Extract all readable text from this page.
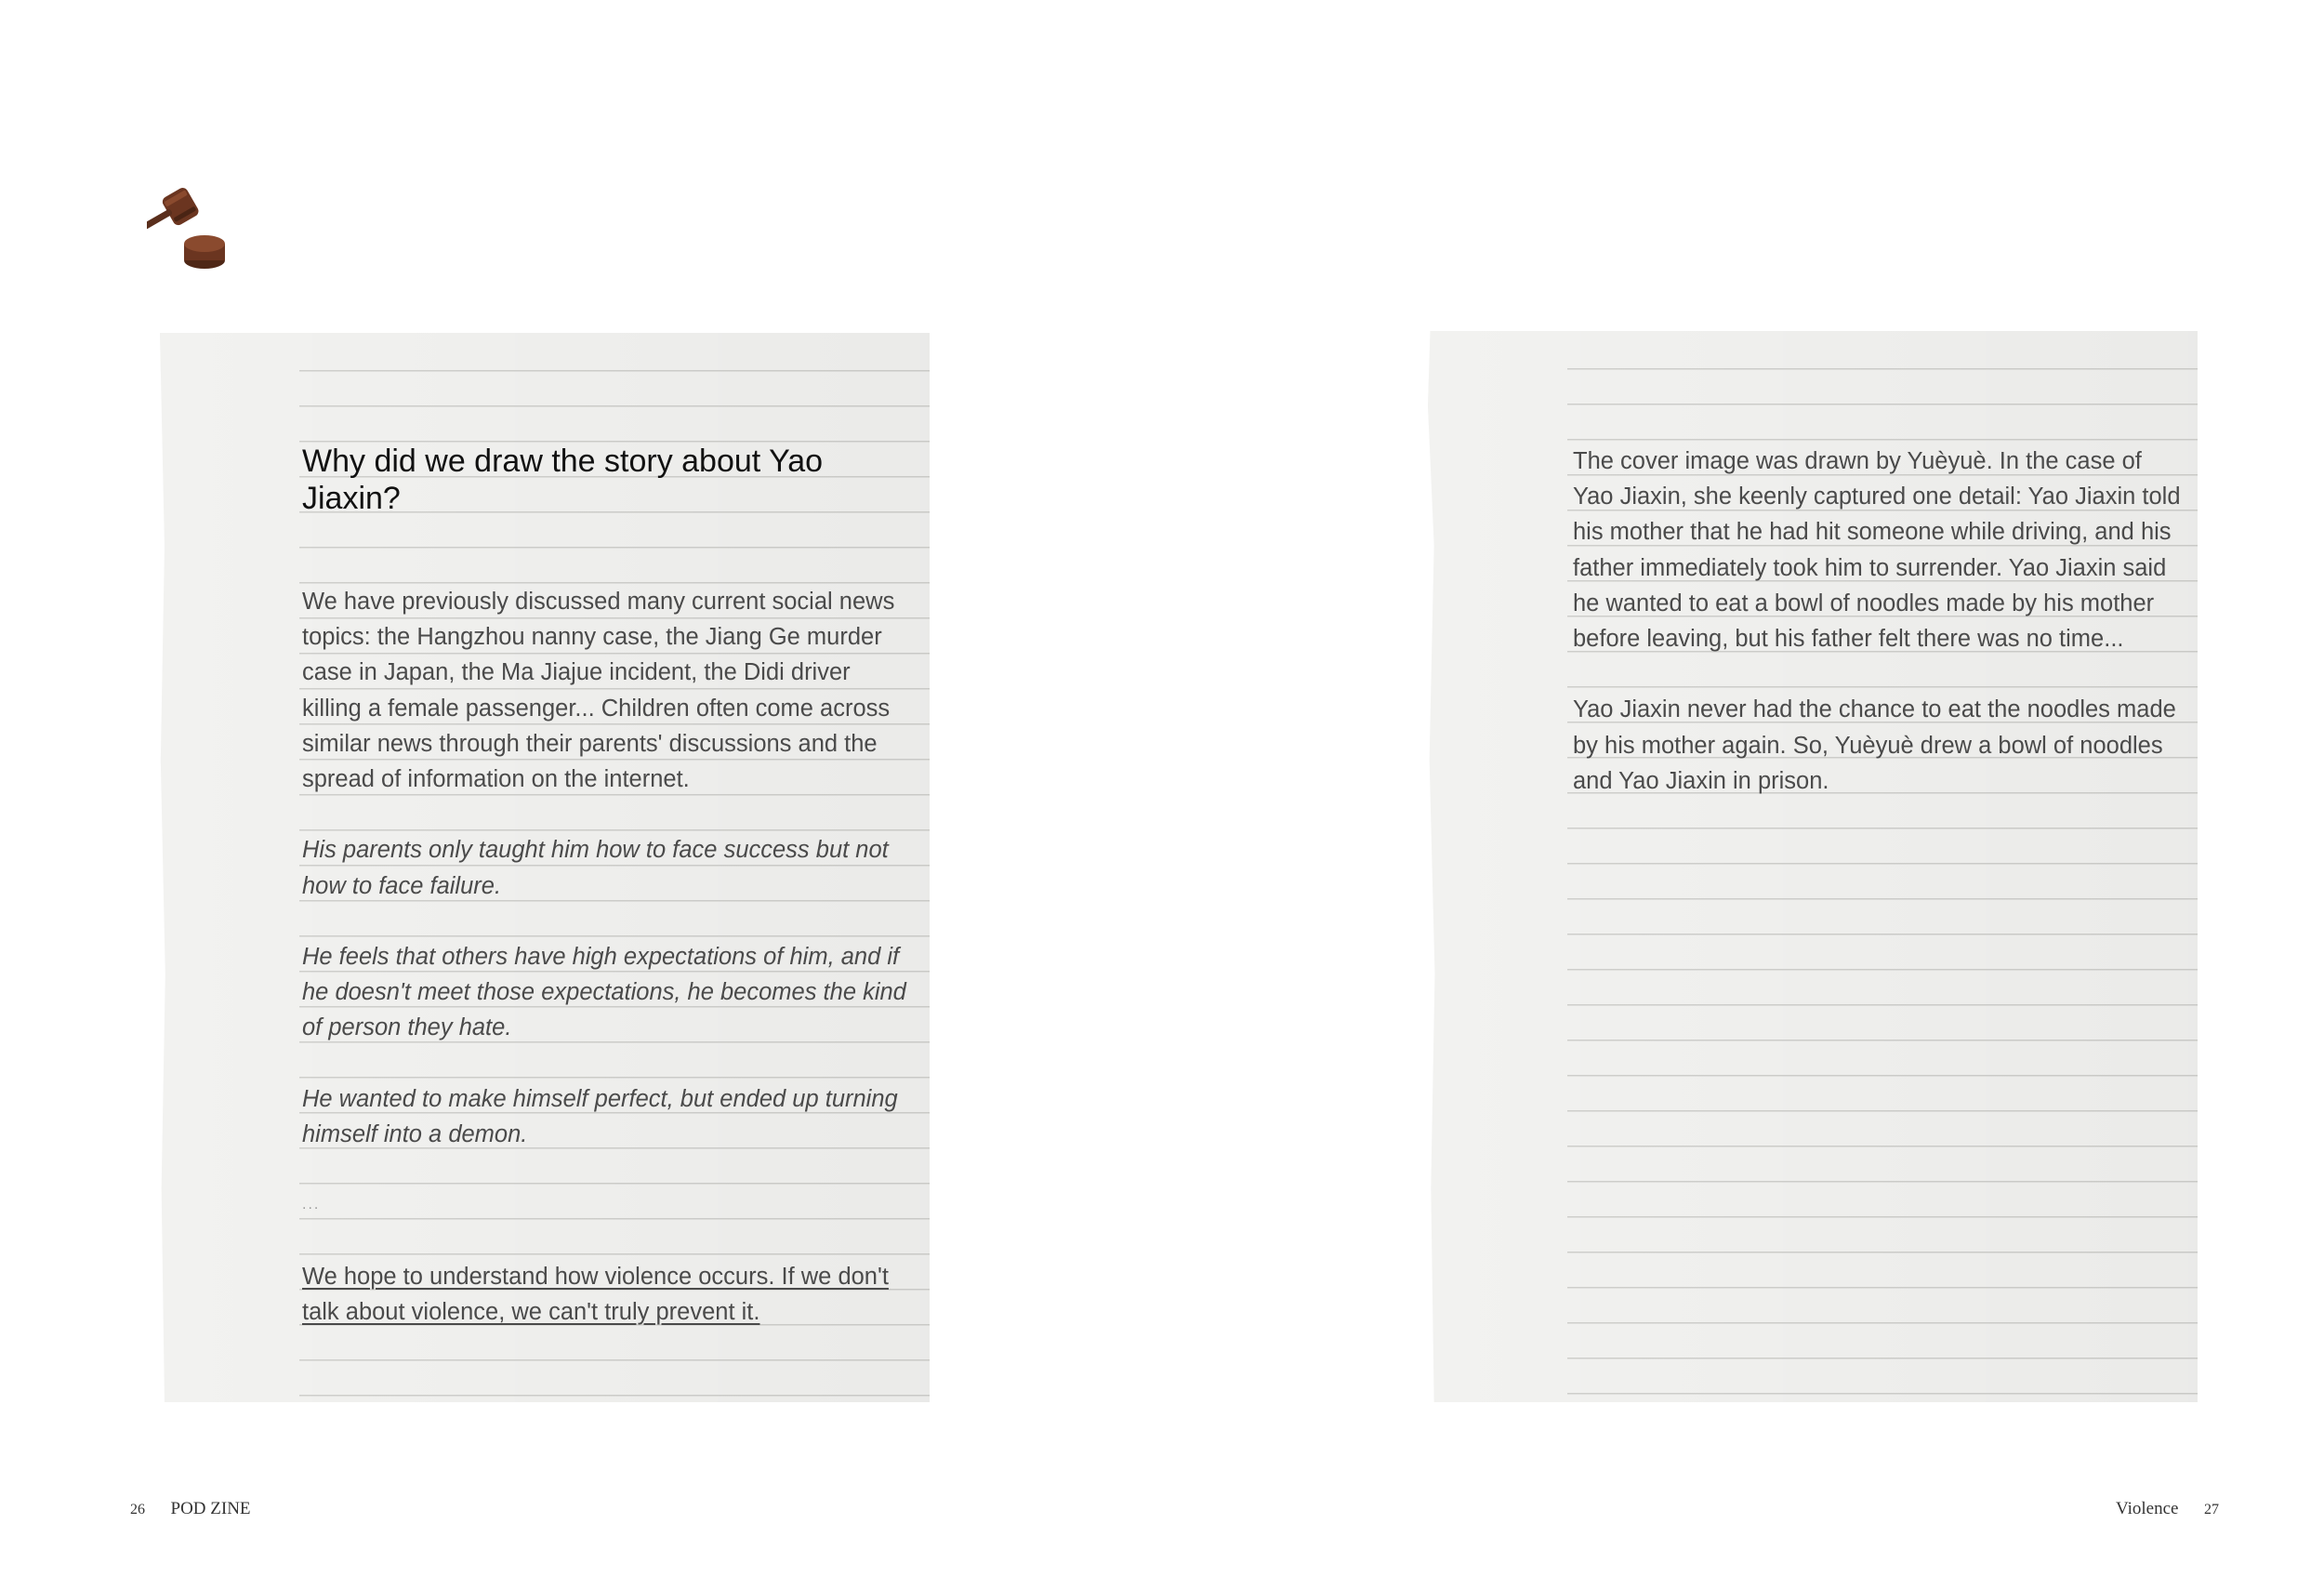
Why did we draw the story about Yao Jiaxin?

We have previously discussed many current social news topics: the Hangzhou nanny case, the Jiang Ge murder case in Japan, the Ma Jiajue incident, the Didi driver killing a female passenger... Children often come across similar news through their parents' discussions and the spread of information on the internet.

His parents only taught him how to face success but not how to face failure.

He feels that others have high expectations of him, and if he doesn't meet those expectations, he becomes the kind of person they hate.

He wanted to make himself perfect, but ended up turning himself into a demon.

...

We hope to understand how violence occurs. If we don't talk about violence, we can't truly prevent it.

The cover image was drawn by Yuèyuè. In the case of Yao Jiaxin, she keenly captured one detail: Yao Jiaxin told his mother that he had hit someone while driving, and his father immediately took him to surrender. Yao Jiaxin said he wanted to eat a bowl of noodles made by his mother before leaving, but his father felt there was no time...

Yao Jiaxin never had the chance to eat the noodles made by his mother again. So, Yuèyuè drew a bowl of noodles and Yao Jiaxin in prison.

26 POD ZINE	Violence 27
